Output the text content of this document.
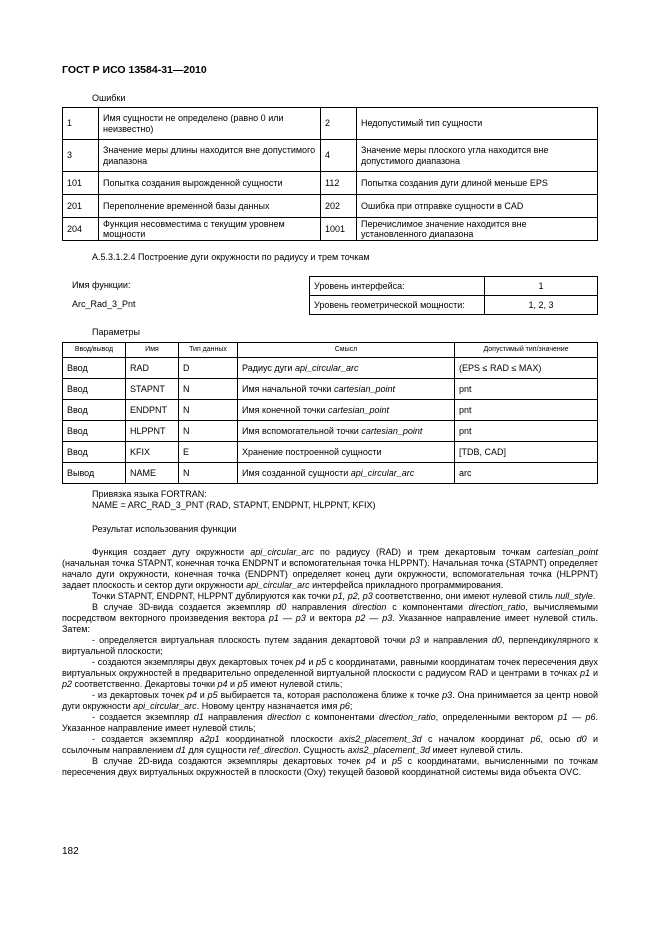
ГОСТ Р ИСО 13584-31—2010
Ошибки
1	Имя сущности не определено (равно 0 или неизвестно)	2	Недопустимый тип сущности
3	Значение меры длины находится вне допустимого диапазона	4	Значение меры плоского угла находится вне допустимого диапазона
101	Попытка создания вырожденной сущности	112	Попытка создания дуги длиной меньше EPS
201	Переполнение временной базы данных	202	Ошибка при отправке сущности в CAD
204	Функция несовместима с текущим уровнем мощности	1001	Перечислимое значение находится вне установленного диапазона
A.5.3.1.2.4 Построение дуги окружности по радиусу и трем точкам
Имя функции:
Arc_Rad_3_Pnt
Уровень интерфейса:	1
Уровень геометрической мощности:	1, 2, 3
Параметры
Ввод/вывод	Имя	Тип данных	Смысл	Допустимый тип/значение
Ввод	RAD	D	Радиус дуги api_circular_arc	(EPS ≤ RAD ≤ MAX)
Ввод	STAPNT	N	Имя начальной точки cartesian_point	pnt
Ввод	ENDPNT	N	Имя конечной точки cartesian_point	pnt
Ввод	HLPPNT	N	Имя вспомогательной точки cartesian_point	pnt
Ввод	KFIX	E	Хранение построенной сущности	[TDB, CAD]
Вывод	NAME	N	Имя созданной сущности api_circular_arc	arc
Привязка языка FORTRAN:
NAME = ARC_RAD_3_PNT (RAD, STAPNT, ENDPNT, HLPPNT, KFIX)
Результат использования функции
Функция создает дугу окружности api_circular_arc по радиусу (RAD) и трем декартовым точкам cartesian_point (начальная точка STAPNT, конечная точка ENDPNT и вспомогательная точка HLPPNT). Начальная точка (STAPNT) определяет начало дуги окружности, конечная точка (ENDPNT) определяет конец дуги окружности, вспомогательная точка (HLPPNT) задает плоскость и сектор дуги окружности api_circular_arc интерфейса прикладного программирования.
Точки STAPNT, ENDPNT, HLPPNT дублируются как точки p1, p2, p3 соответственно, они имеют нулевой стиль null_style.
В случае 3D-вида создается экземпляр d0 направления direction с компонентами direction_ratio, вычисляемыми посредством векторного произведения вектора p1 — p3 и вектора p2 — p3. Указанное направление имеет нулевой стиль. Затем:
- определяется виртуальная плоскость путем задания декартовой точки p3 и направления d0, перпендикулярного к виртуальной плоскости;
- создаются экземпляры двух декартовых точек p4 и p5 с координатами, равными координатам точек пересечения двух виртуальных окружностей в предварительно определенной виртуальной плоскости с радиусом RAD и центрами в точках p1 и p2 соответственно. Декартовы точки p4 и p5 имеют нулевой стиль;
- из декартовых точек p4 и p5 выбирается та, которая расположена ближе к точке p3. Она принимается за центр новой дуги окружности api_circular_arc. Новому центру назначается имя p6;
- создается экземпляр d1 направления direction с компонентами direction_ratio, определенными вектором p1 — p6. Указанное направление имеет нулевой стиль;
- создается экземпляр a2p1 координатной плоскости axis2_placement_3d с началом координат p6, осью d0 и ссылочным направлением d1 для сущности ref_direction. Сущность axis2_placement_3d имеет нулевой стиль.
В случае 2D-вида создаются экземпляры декартовых точек p4 и p5 с координатами, вычисленными по точкам пересечения двух виртуальных окружностей в плоскости (Oxy) текущей базовой координатной системы вида объекта OVC.
182
